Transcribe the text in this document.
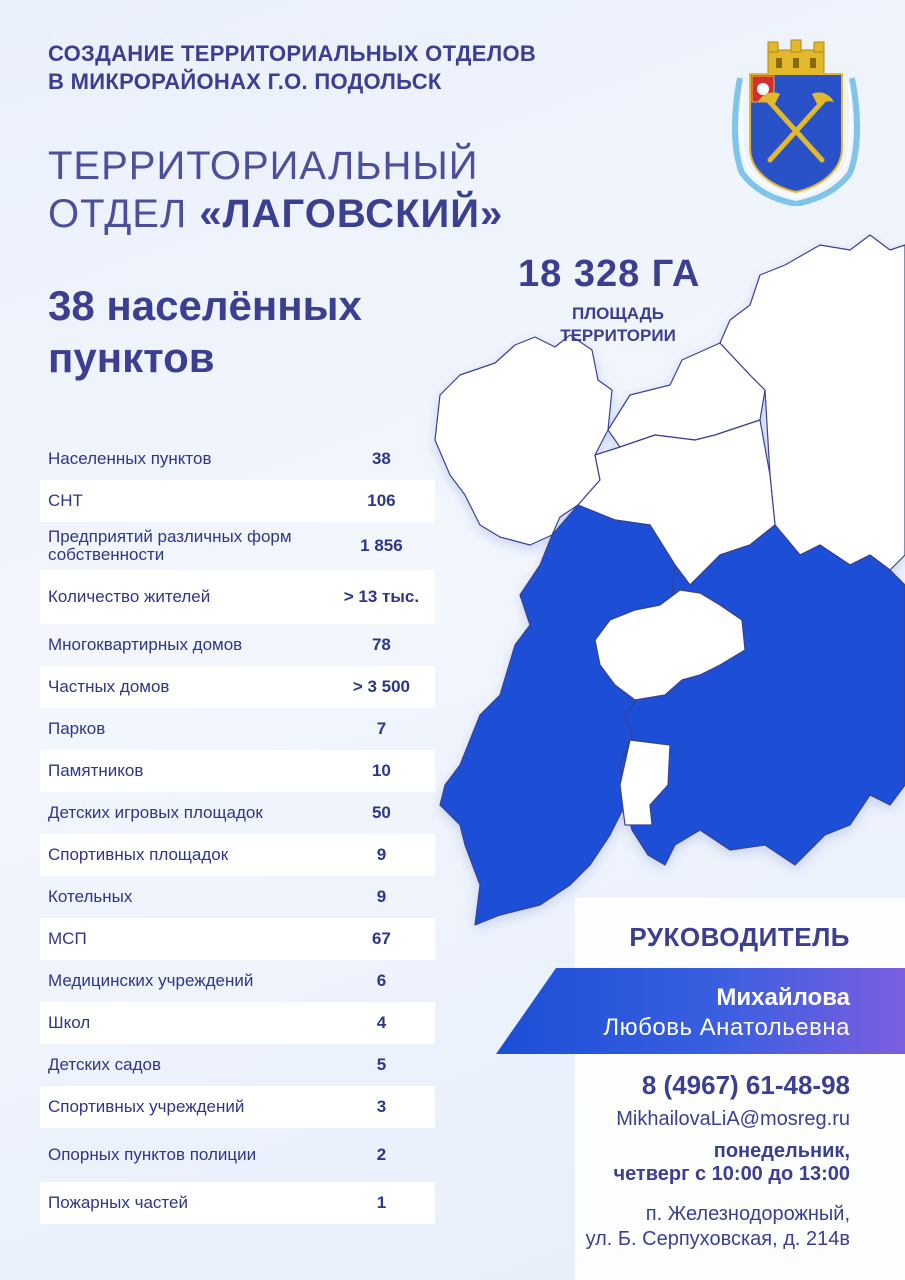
СОЗДАНИЕ ТЕРРИТОРИАЛЬНЫХ ОТДЕЛОВ
В МИКРОРАЙОНАХ Г.О. ПОДОЛЬСК
ТЕРРИТОРИАЛЬНЫЙ
ОТДЕЛ «ЛАГОВСКИЙ»
38 населённых
пунктов
18 328 ГА
ПЛОЩАДЬ
ТЕРРИТОРИИ
Населенных пунктов	38
СНТ	106
Предприятий различных форм собственности	1 856
Количество жителей	> 13 тыс.
Многоквартирных домов	78
Частных домов	> 3 500
Парков	7
Памятников	10
Детских игровых площадок	50
Спортивных площадок	9
Котельных	9
МСП	67
Медицинских учреждений	6
Школ	4
Детских садов	5
Спортивных учреждений	3
Опорных пунктов полиции	2
Пожарных частей	1
РУКОВОДИТЕЛЬ
Михайлова
Любовь Анатольевна
8 (4967) 61-48-98
MikhailovaLiA@mosreg.ru
понедельник,
четверг с 10:00 до 13:00
п. Железнодорожный,
ул. Б. Серпуховская, д. 214в
